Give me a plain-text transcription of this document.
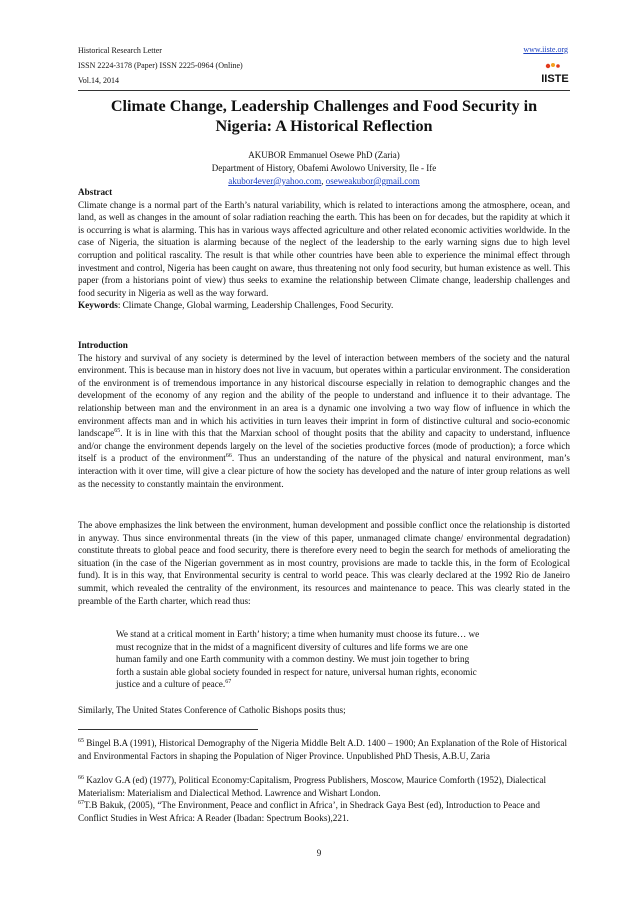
Historical Research Letter
ISSN 2224-3178 (Paper) ISSN 2225-0964 (Online)
Vol.14, 2014
www.iiste.org
IISTE
Climate Change, Leadership Challenges and Food Security in
Nigeria: A Historical Reflection
AKUBOR Emmanuel Osewe PhD (Zaria)
Department of History, Obafemi Awolowo University, Ile - Ife
akubor4ever@yahoo.com, oseweakubor@gmail.com
Abstract
Climate change is a normal part of the Earth’s natural variability, which is related to interactions among the atmosphere, ocean, and land, as well as changes in the amount of solar radiation reaching the earth. This has been on for decades, but the rapidity at which it is occurring is what is alarming. This has in various ways affected agriculture and other related economic activities worldwide. In the case of Nigeria, the situation is alarming because of the neglect of the leadership to the early warning signs due to high level corruption and political rascality. The result is that while other countries have been able to experience the minimal effect through investment and control, Nigeria has been caught on aware, thus threatening not only food security, but human existence as well. This paper (from a historians point of view) thus seeks to examine the relationship between Climate change, leadership challenges and food security in Nigeria as well as the way forward.
Keywords: Climate Change, Global warming, Leadership Challenges, Food Security.
Introduction
The history and survival of any society is determined by the level of interaction between members of the society and the natural environment. This is because man in history does not live in vacuum, but operates within a particular environment. The consideration of the environment is of tremendous importance in any historical discourse especially in relation to demographic changes and the development of the economy of any region and the ability of the people to understand and influence it to their advantage. The relationship between man and the environment in an area is a dynamic one involving a two way flow of influence in which the environment affects man and in which his activities in turn leaves their imprint in form of distinctive cultural and socio-economic landscape$^{65}$. It is in line with this that the Marxian school of thought posits that the ability and capacity to understand, influence and/or change the environment depends largely on the level of the societies productive forces (mode of production); a force which itself is a product of the environment$^{66}$. Thus an understanding of the nature of the physical and natural environment, man’s interaction with it over time, will give a clear picture of how the society has developed and the nature of inter group relations as well as the necessity to constantly maintain the environment.
The above emphasizes the link between the environment, human development and possible conflict once the relationship is distorted in anyway. Thus since environmental threats (in the view of this paper, unmanaged climate change/ environmental degradation) constitute threats to global peace and food security, there is therefore every need to begin the search for methods of ameliorating the situation (in the case of the Nigerian government as in most country, provisions are made to tackle this, in the form of Ecological fund). It is in this way, that Environmental security is central to world peace. This was clearly declared at the 1992 Rio de Janeiro summit, which revealed the centrality of the environment, its resources and maintenance to peace. This was clearly stated in the preamble of the Earth charter, which read thus:
We stand at a critical moment in Earth’ history; a time when humanity must choose its future… we must recognize that in the midst of a magnificent diversity of cultures and life forms we are one human family and one Earth community with a common destiny. We must join together to bring forth a sustain able global society founded in respect for nature, universal human rights, economic justice and a culture of peace.$^{67}$
Similarly, The United States Conference of Catholic Bishops posits thus;
$^{65}$ Bingel B.A (1991), Historical Demography of the Nigeria Middle Belt A.D. 1400 – 1900; An Explanation of the Role of Historical and Environmental Factors in shaping the Population of Niger Province. Unpublished PhD Thesis, A.B.U, Zaria
$^{66}$ Kazlov G.A (ed) (1977), Political Economy:Capitalism, Progress Publishers, Moscow, Maurice Comforth (1952), Dialectical Materialism: Materialism and Dialectical Method. Lawrence and Wishart London.
$^{67}$T.B Bakuk, (2005), “The Environment, Peace and conflict in Africa’, in Shedrack Gaya Best (ed), Introduction to Peace and Conflict Studies in West Africa: A Reader (Ibadan: Spectrum Books),221.
9
